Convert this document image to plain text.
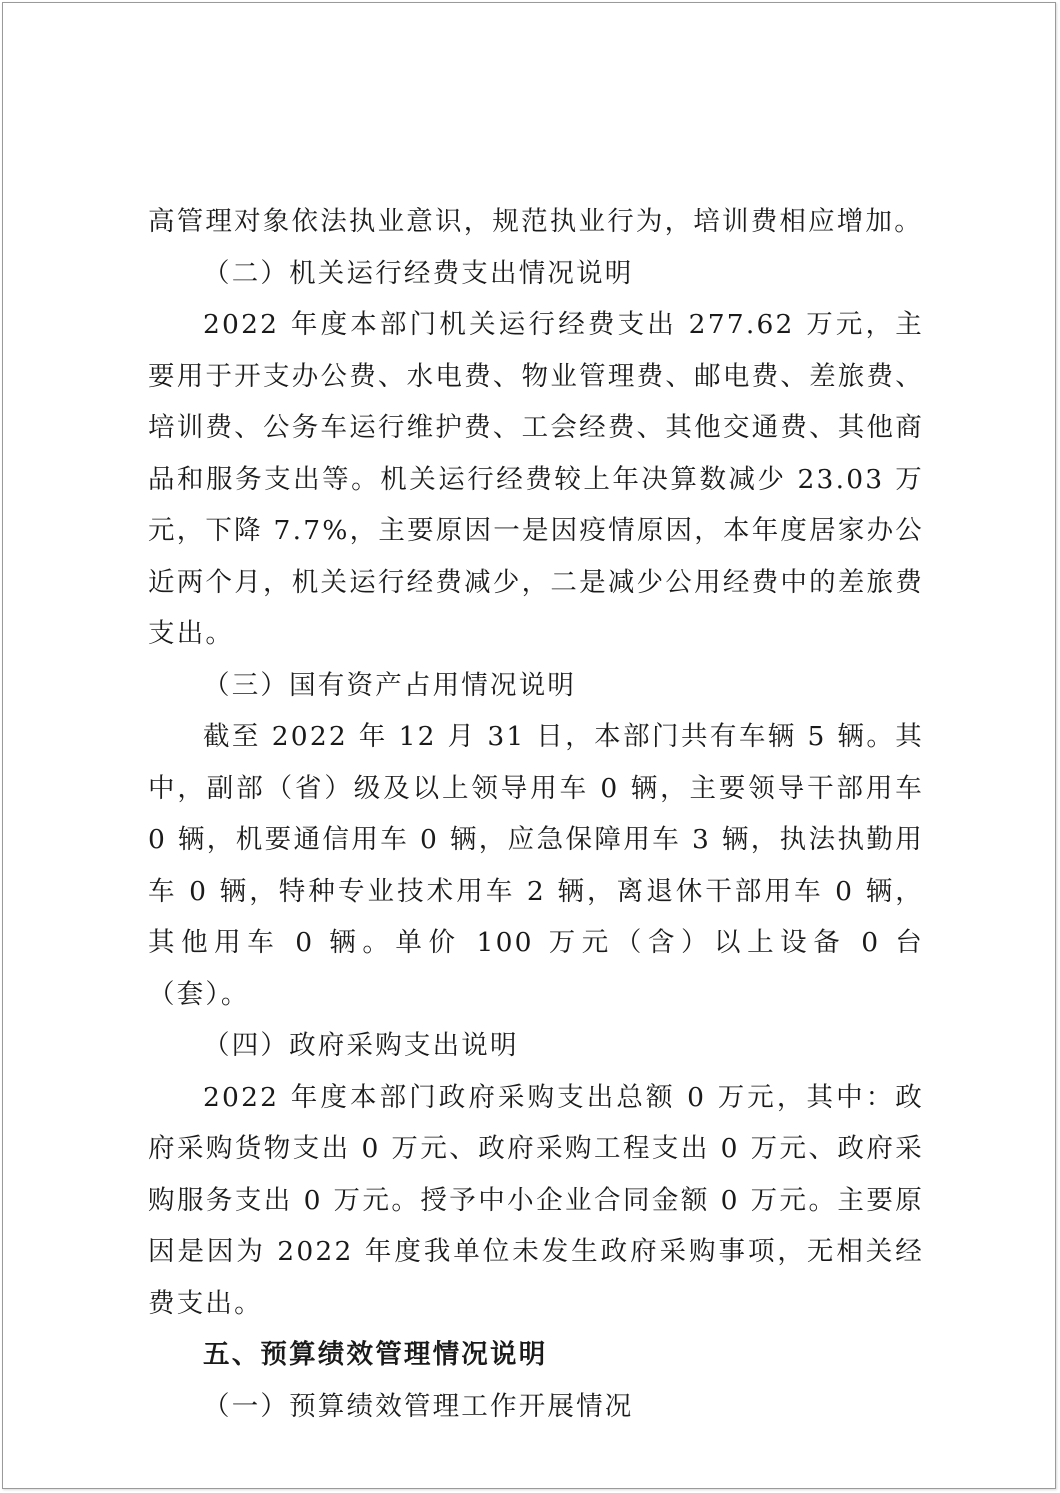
高管理对象依法执业意识，规范执业行为，培训费相应增加。

（二）机关运行经费支出情况说明

2022 年度本部门机关运行经费支出 277.62 万元，主要用于开支办公费、水电费、物业管理费、邮电费、差旅费、培训费、公务车运行维护费、工会经费、其他交通费、其他商品和服务支出等。机关运行经费较上年决算数减少 23.03 万元，下降 7.7%，主要原因一是因疫情原因，本年度居家办公近两个月，机关运行经费减少，二是减少公用经费中的差旅费支出。

（三）国有资产占用情况说明

截至 2022 年 12 月 31 日，本部门共有车辆 5 辆。其中，副部（省）级及以上领导用车 0 辆，主要领导干部用车 0 辆，机要通信用车 0 辆，应急保障用车 3 辆，执法执勤用车 0 辆，特种专业技术用车 2 辆，离退休干部用车 0 辆，其他用车 0 辆。单价 100 万元（含）以上设备 0 台（套）。

（四）政府采购支出说明

2022 年度本部门政府采购支出总额 0 万元，其中：政府采购货物支出 0 万元、政府采购工程支出 0 万元、政府采购服务支出 0 万元。授予中小企业合同金额 0 万元。主要原因是因为 2022 年度我单位未发生政府采购事项，无相关经费支出。

五、预算绩效管理情况说明

（一）预算绩效管理工作开展情况
